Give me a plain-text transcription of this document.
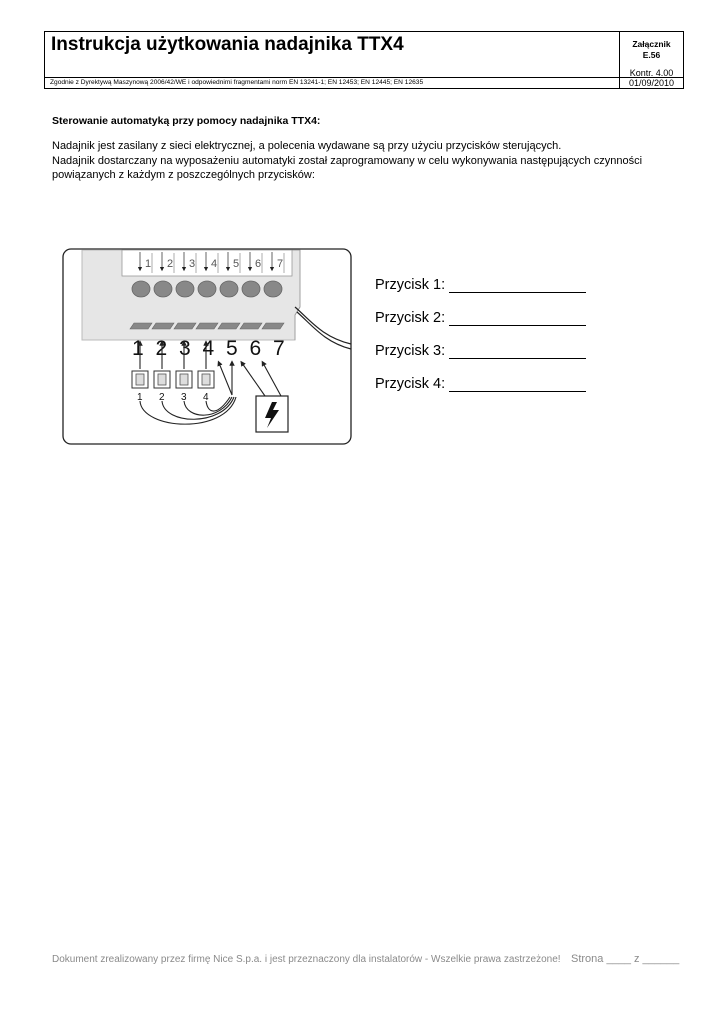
Instrukcja użytkowania nadajnika TTX4
Zgodnie z Dyrektywą Maszynową 2006/42/WE i odpowiednimi fragmentami norm EN 13241-1; EN 12453; EN 12445; EN 12635
Załącznik
E.56
Kontr. 4.00
01/09/2010
Sterowanie automatyką przy pomocy nadajnika TTX4:

Nadajnik jest zasilany z sieci elektrycznej, a polecenia wydawane są przy użyciu przycisków sterujących.

Nadajnik dostarczany na wyposażeniu automatyki został zaprogramowany w celu wykonywania następujących czynności powiązanych z każdym z poszczególnych przycisków:

1 2 3 4 5 6 7
1 2 3 4 5 6 7
1 2 3 4
Przycisk 1:
Przycisk 2:
Przycisk 3:
Przycisk 4:
Dokument zrealizowany przez firmę Nice S.p.a. i jest przeznaczony dla instalatorów - Wszelkie prawa zastrzeżone! Strona ____ z ______
